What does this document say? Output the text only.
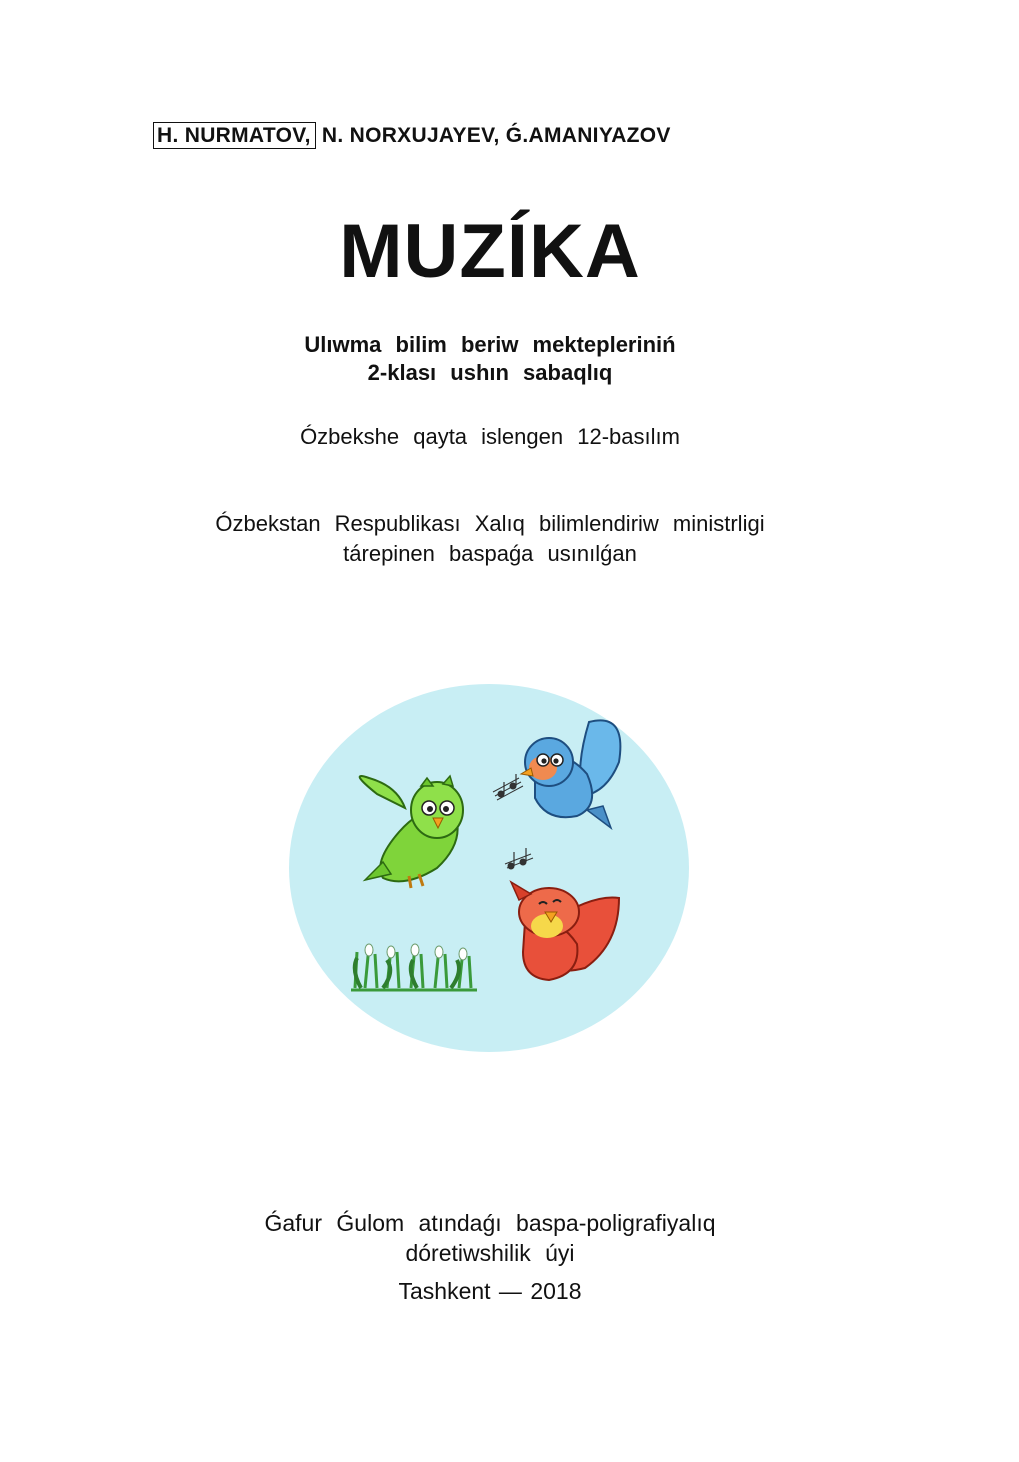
H. NURMATOV, N. NORXUJAYEV, Ǵ.AMANIYAZOV
MUZÍKA
Ulıwma bilim beriw mektepleriniń
2-klası ushın sabaqlıq
Ózbekshe qayta islengen 12-basılım
Ózbekstan Respublikası Xalıq bilimlendiriw ministrligi
tárepinen baspaǵa usınılǵan
Ǵafur Ǵulom atındaǵı baspa-poligrafiyalıq
dóretiwshilik úyi
Tashkent — 2018
